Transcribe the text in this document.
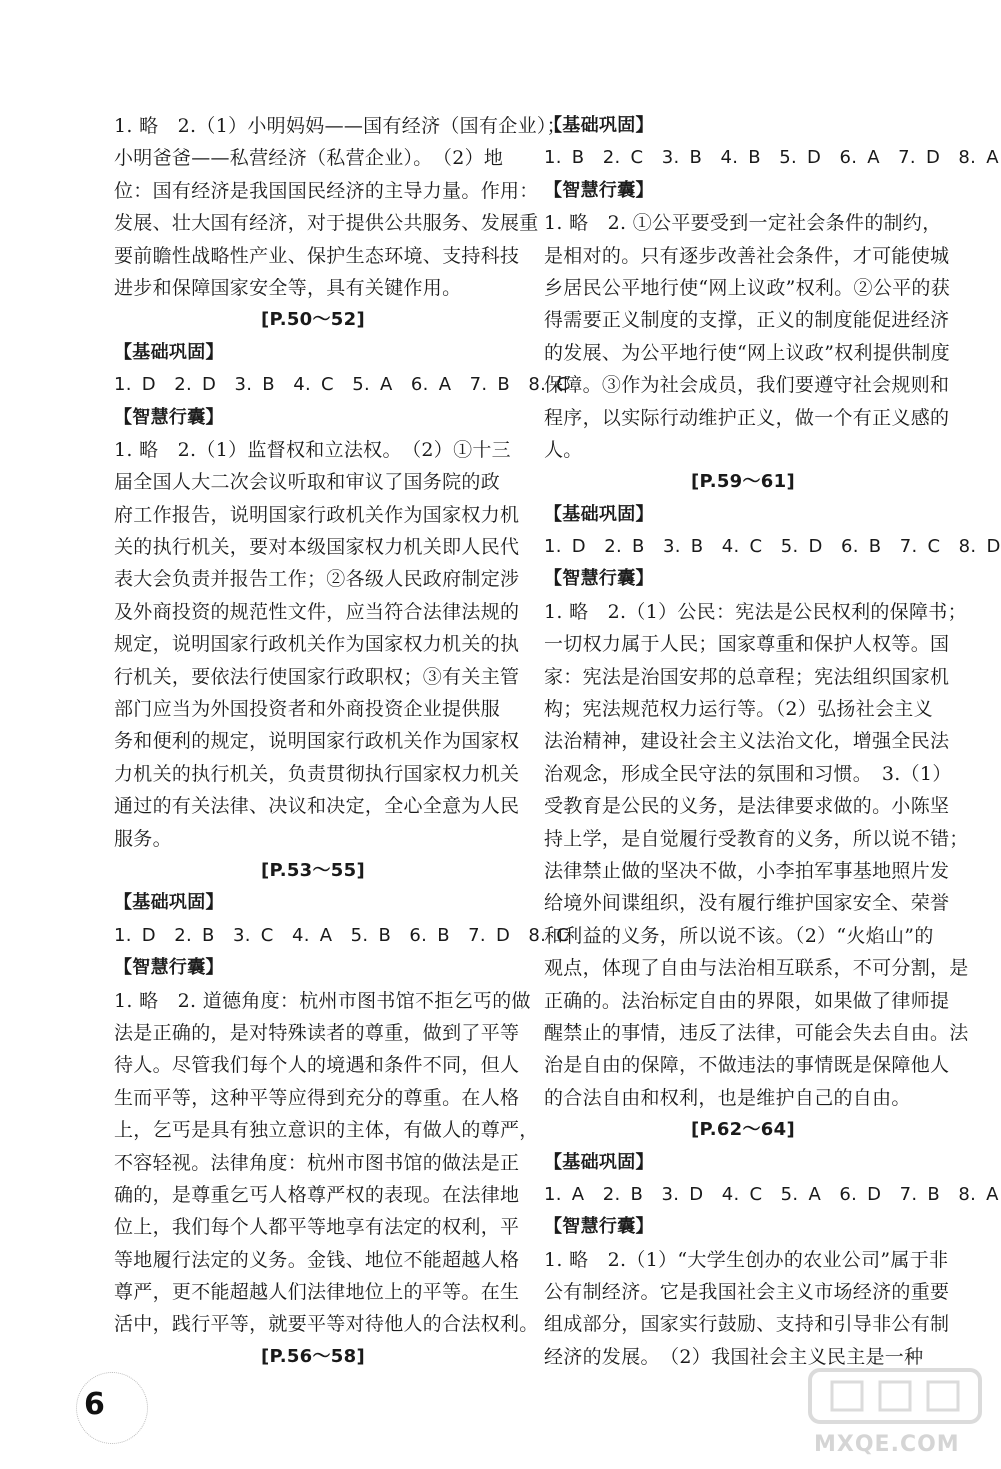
1. 略　2.（1）小明妈妈——国有经济（国有企业）；
小明爸爸——私营经济（私营企业）。　（2）地
位：国有经济是我国国民经济的主导力量。作用：
发展、壮大国有经济，对于提供公共服务、发展重
要前瞻性战略性产业、保护生态环境、支持科技
进步和保障国家安全等，具有关键作用。
[P.50～52]
【基础巩固】
1. D　2. D　3. B　4. C　5. A　6. A　7. B　8. C
【智慧行囊】
1. 略　2.（1）监督权和立法权。　（2）①十三
届全国人大二次会议听取和审议了国务院的政
府工作报告，说明国家行政机关作为国家权力机
关的执行机关，要对本级国家权力机关即人民代
表大会负责并报告工作；②各级人民政府制定涉
及外商投资的规范性文件，应当符合法律法规的
规定，说明国家行政机关作为国家权力机关的执
行机关，要依法行使国家行政职权；③有关主管
部门应当为外国投资者和外商投资企业提供服
务和便利的规定，说明国家行政机关作为国家权
力机关的执行机关，负责贯彻执行国家权力机关
通过的有关法律、决议和决定，全心全意为人民
服务。
[P.53～55]
【基础巩固】
1. D　2. B　3. C　4. A　5. B　6. B　7. D　8. C
【智慧行囊】
1. 略　2. 道德角度：杭州市图书馆不拒乞丐的做
法是正确的，是对特殊读者的尊重，做到了平等
待人。尽管我们每个人的境遇和条件不同，但人
生而平等，这种平等应得到充分的尊重。在人格
上，乞丐是具有独立意识的主体，有做人的尊严，
不容轻视。法律角度：杭州市图书馆的做法是正
确的，是尊重乞丐人格尊严权的表现。在法律地
位上，我们每个人都平等地享有法定的权利，平
等地履行法定的义务。金钱、地位不能超越人格
尊严，更不能超越人们法律地位上的平等。在生
活中，践行平等，就要平等对待他人的合法权利。
[P.56～58]
【基础巩固】
1. B　2. C　3. B　4. B　5. D　6. A　7. D　8. A
【智慧行囊】
1. 略　2. ①公平要受到一定社会条件的制约，
是相对的。只有逐步改善社会条件，才可能使城
乡居民公平地行使“网上议政”权利。②公平的获
得需要正义制度的支撑，正义的制度能促进经济
的发展、为公平地行使“网上议政”权利提供制度
保障。③作为社会成员，我们要遵守社会规则和
程序，以实际行动维护正义，做一个有正义感的
人。
[P.59～61]
【基础巩固】
1. D　2. B　3. B　4. C　5. D　6. B　7. C　8. D
【智慧行囊】
1. 略　2.（1）公民：宪法是公民权利的保障书；
一切权力属于人民；国家尊重和保护人权等。国
家：宪法是治国安邦的总章程；宪法组织国家机
构；宪法规范权力运行等。（2）弘扬社会主义
法治精神，建设社会主义法治文化，增强全民法
治观念，形成全民守法的氛围和习惯。　3.（1）
受教育是公民的义务，是法律要求做的。小陈坚
持上学，是自觉履行受教育的义务，所以说不错；
法律禁止做的坚决不做，小李拍军事基地照片发
给境外间谍组织，没有履行维护国家安全、荣誉
和利益的义务，所以说不该。（2）“火焰山”的
观点，体现了自由与法治相互联系，不可分割，是
正确的。法治标定自由的界限，如果做了律师提
醒禁止的事情，违反了法律，可能会失去自由。法
治是自由的保障，不做违法的事情既是保障他人
的合法自由和权利，也是维护自己的自由。
[P.62～64]
【基础巩固】
1. A　2. B　3. D　4. C　5. A　6. D　7. B　8. A
【智慧行囊】
1. 略　2.（1）“大学生创办的农业公司”属于非
公有制经济。它是我国社会主义市场经济的重要
组成部分，国家实行鼓励、支持和引导非公有制
经济的发展。　（2）我国社会主义民主是一种
6
MXQE.COM
